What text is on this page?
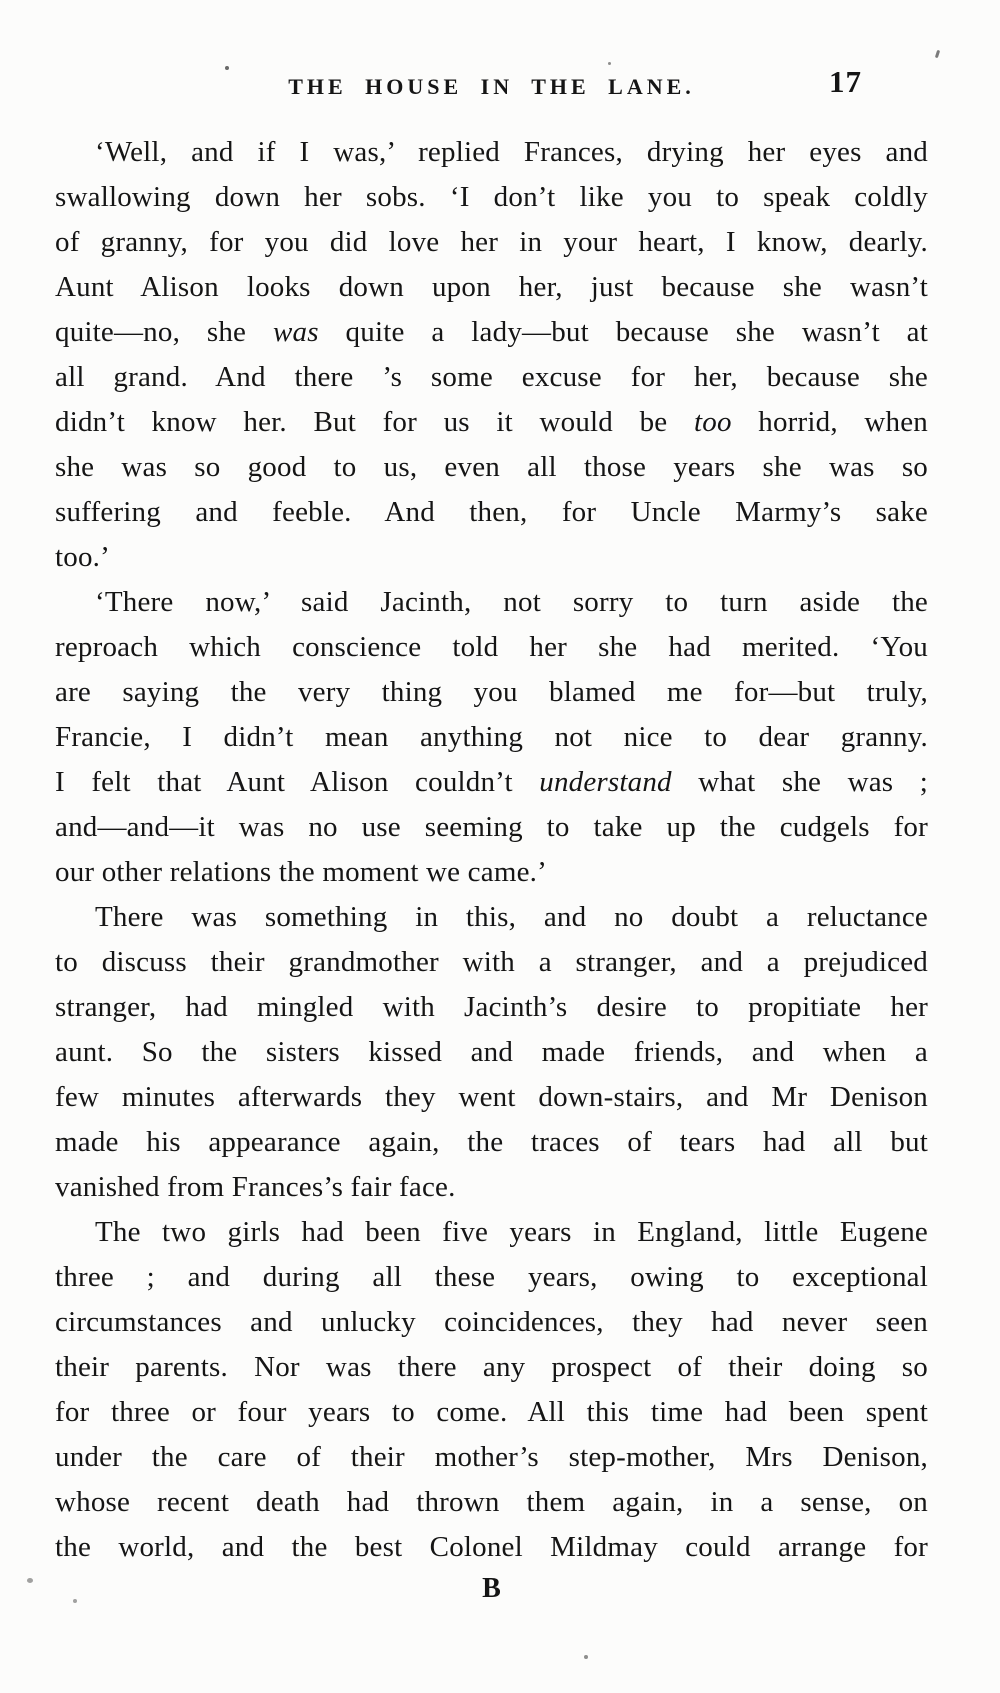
THE HOUSE IN THE LANE.	17
‘Well, and if I was,’ replied Frances, drying her eyes and
swallowing down her sobs. ‘I don’t like you to speak coldly
of granny, for you did love her in your heart, I know, dearly.
Aunt Alison looks down upon her, just because she wasn’t
quite—no, she was quite a lady—but because she wasn’t at
all grand. And there ’s some excuse for her, because she
didn’t know her. But for us it would be too horrid, when
she was so good to us, even all those years she was so
suffering and feeble. And then, for Uncle Marmy’s sake
too.’
‘There now,’ said Jacinth, not sorry to turn aside the
reproach which conscience told her she had merited. ‘You
are saying the very thing you blamed me for—but truly,
Francie, I didn’t mean anything not nice to dear granny.
I felt that Aunt Alison couldn’t understand what she was ;
and—and—it was no use seeming to take up the cudgels for
our other relations the moment we came.’
There was something in this, and no doubt a reluctance
to discuss their grandmother with a stranger, and a prejudiced
stranger, had mingled with Jacinth’s desire to propitiate her
aunt. So the sisters kissed and made friends, and when a
few minutes afterwards they went down-stairs, and Mr Denison
made his appearance again, the traces of tears had all but
vanished from Frances’s fair face.
The two girls had been five years in England, little Eugene
three ; and during all these years, owing to exceptional
circumstances and unlucky coincidences, they had never seen
their parents. Nor was there any prospect of their doing so
for three or four years to come. All this time had been spent
under the care of their mother’s step-mother, Mrs Denison,
whose recent death had thrown them again, in a sense, on
the world, and the best Colonel Mildmay could arrange for
B
